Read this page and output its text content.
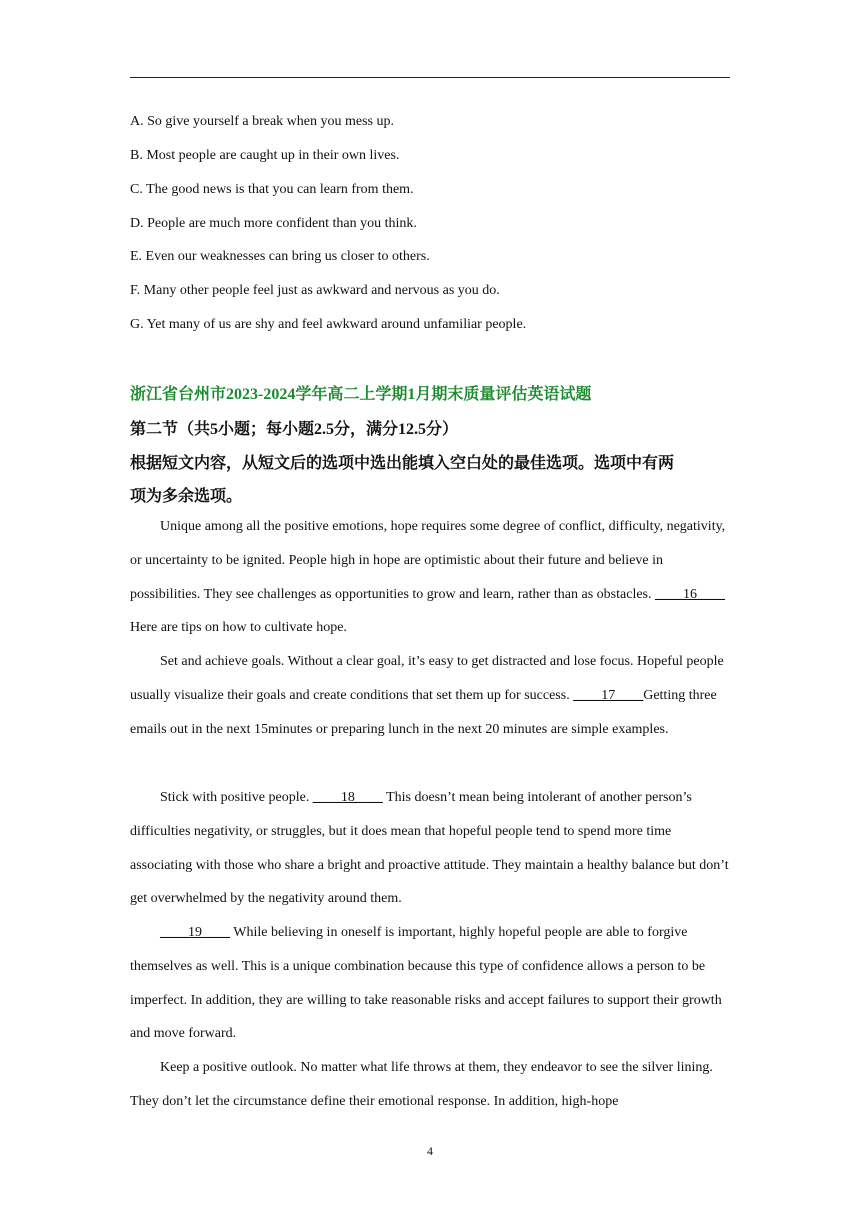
A. So give yourself a break when you mess up.
B. Most people are caught up in their own lives.
C. The good news is that you can learn from them.
D. People are much more confident than you think.
E. Even our weaknesses can bring us closer to others.
F. Many other people feel just as awkward and nervous as you do.
G. Yet many of us are shy and feel awkward around unfamiliar people.
浙江省台州市2023-2024学年高二上学期1月期末质量评估英语试题
第二节（共5小题；每小题2.5分，满分12.5分）
根据短文内容，从短文后的选项中选出能填入空白处的最佳选项。选项中有两
项为多余选项。
Unique among all the positive emotions, hope requires some degree of conflict, difficulty, negativity, or uncertainty to be ignited. People high in hope are optimistic about their future and believe in possibilities. They see challenges as opportunities to grow and learn, rather than as obstacles. ____16____ Here are tips on how to cultivate hope.
Set and achieve goals. Without a clear goal, it’s easy to get distracted and lose focus. Hopeful people usually visualize their goals and create conditions that set them up for success. ____17____Getting three emails out in the next 15minutes or preparing lunch in the next 20 minutes are simple examples.
Stick with positive people. ____18____ This doesn’t mean being intolerant of another person’s difficulties negativity, or struggles, but it does mean that hopeful people tend to spend more time associating with those who share a bright and proactive attitude. They maintain a healthy balance but don’t get overwhelmed by the negativity around them.
____19____ While believing in oneself is important, highly hopeful people are able to forgive themselves as well. This is a unique combination because this type of confidence allows a person to be imperfect. In addition, they are willing to take reasonable risks and accept failures to support their growth and move forward.
Keep a positive outlook. No matter what life throws at them, they endeavor to see the silver lining. They don’t let the circumstance define their emotional response. In addition, high-hope
4
